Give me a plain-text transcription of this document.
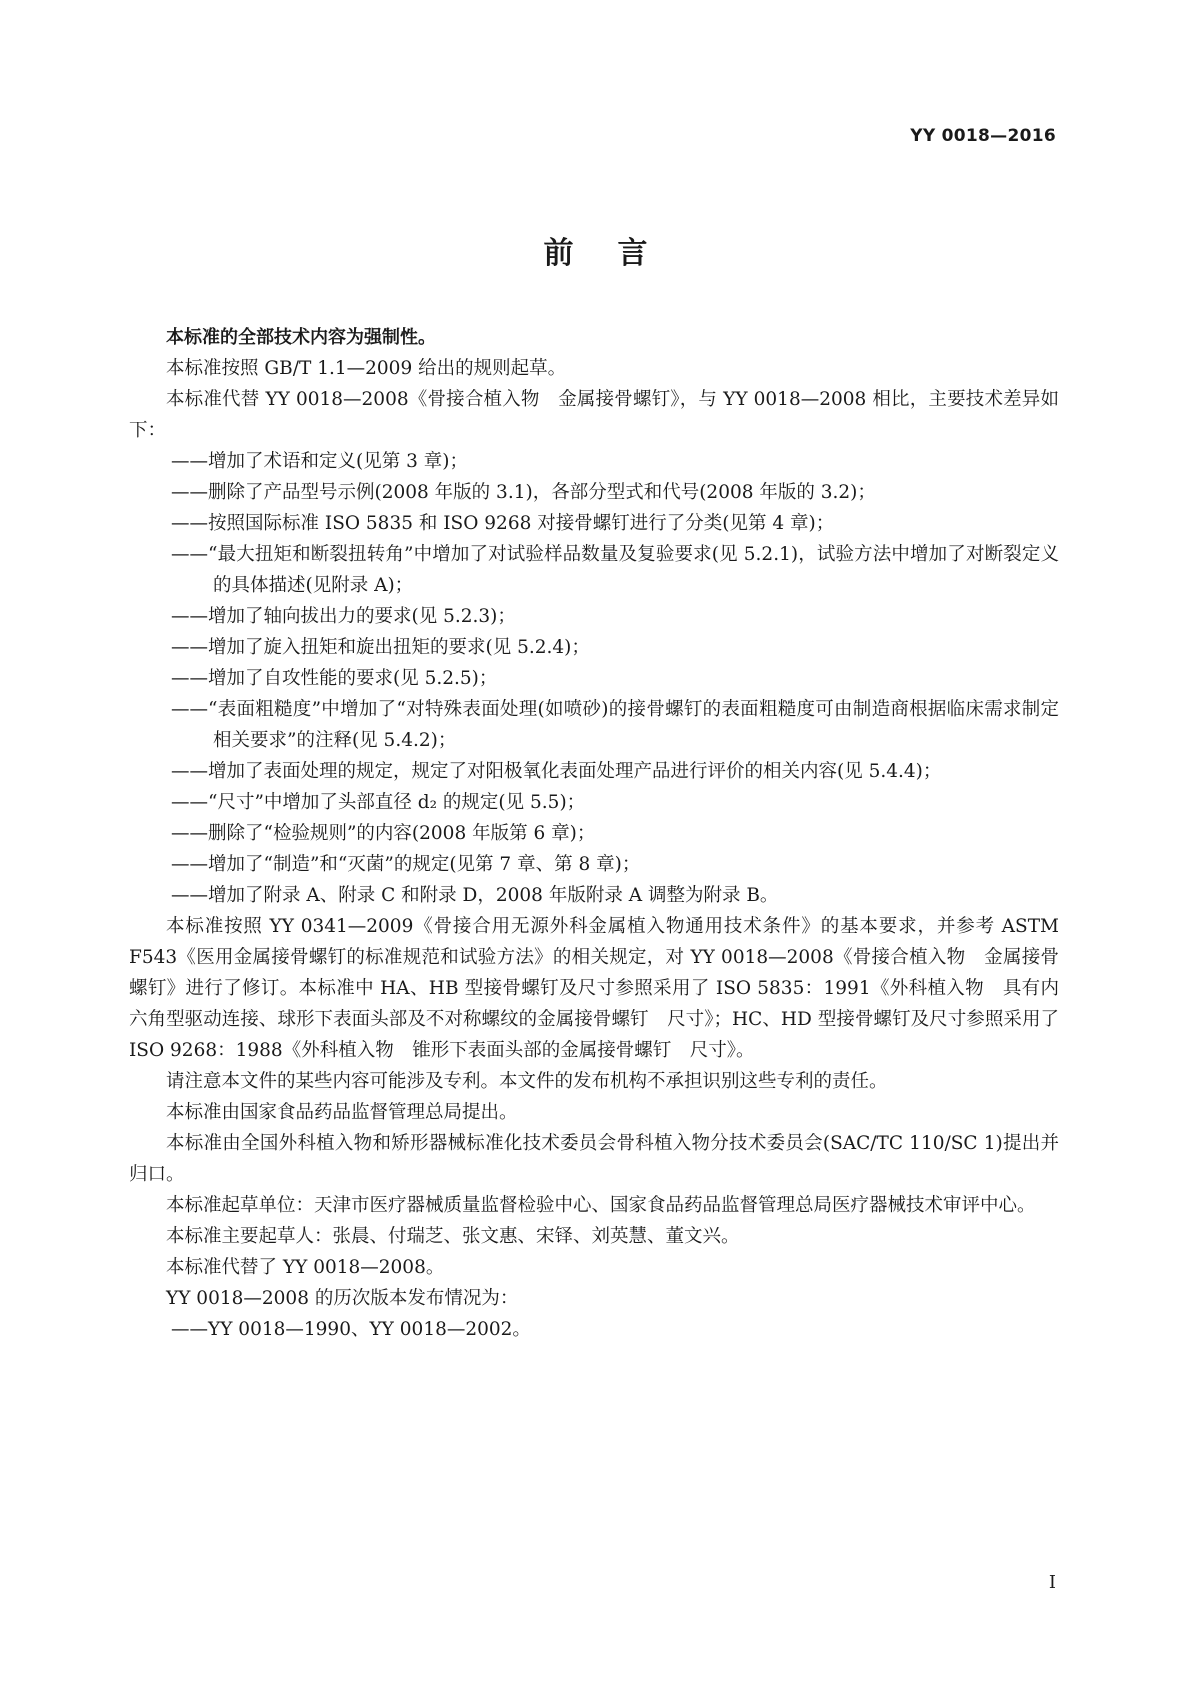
YY 0018—2016
前言

本标准的全部技术内容为强制性。

本标准按照 GB/T 1.1—2009 给出的规则起草。

本标准代替 YY 0018—2008《骨接合植入物　金属接骨螺钉》，与 YY 0018—2008 相比，主要技术差异如下：

——增加了术语和定义(见第 3 章)；

——删除了产品型号示例(2008 年版的 3.1)，各部分型式和代号(2008 年版的 3.2)；

——按照国际标准 ISO 5835 和 ISO 9268 对接骨螺钉进行了分类(见第 4 章)；

——“最大扭矩和断裂扭转角”中增加了对试验样品数量及复验要求(见 5.2.1)，试验方法中增加了对断裂定义的具体描述(见附录 A)；

——增加了轴向拔出力的要求(见 5.2.3)；

——增加了旋入扭矩和旋出扭矩的要求(见 5.2.4)；

——增加了自攻性能的要求(见 5.2.5)；

——“表面粗糙度”中增加了“对特殊表面处理(如喷砂)的接骨螺钉的表面粗糙度可由制造商根据临床需求制定相关要求”的注释(见 5.4.2)；

——增加了表面处理的规定，规定了对阳极氧化表面处理产品进行评价的相关内容(见 5.4.4)；

——“尺寸”中增加了头部直径 d₂ 的规定(见 5.5)；

——删除了“检验规则”的内容(2008 年版第 6 章)；

——增加了“制造”和“灭菌”的规定(见第 7 章、第 8 章)；

——增加了附录 A、附录 C 和附录 D，2008 年版附录 A 调整为附录 B。

本标准按照 YY 0341—2009《骨接合用无源外科金属植入物通用技术条件》的基本要求，并参考 ASTM F543《医用金属接骨螺钉的标准规范和试验方法》的相关规定，对 YY 0018—2008《骨接合植入物　金属接骨螺钉》进行了修订。本标准中 HA、HB 型接骨螺钉及尺寸参照采用了 ISO 5835：1991《外科植入物　具有内六角型驱动连接、球形下表面头部及不对称螺纹的金属接骨螺钉　尺寸》；HC、HD 型接骨螺钉及尺寸参照采用了 ISO 9268：1988《外科植入物　锥形下表面头部的金属接骨螺钉　尺寸》。

请注意本文件的某些内容可能涉及专利。本文件的发布机构不承担识别这些专利的责任。

本标准由国家食品药品监督管理总局提出。

本标准由全国外科植入物和矫形器械标准化技术委员会骨科植入物分技术委员会(SAC/TC 110/SC 1)提出并归口。

本标准起草单位：天津市医疗器械质量监督检验中心、国家食品药品监督管理总局医疗器械技术审评中心。

本标准主要起草人：张晨、付瑞芝、张文惠、宋铎、刘英慧、董文兴。

本标准代替了 YY 0018—2008。

YY 0018—2008 的历次版本发布情况为：

——YY 0018—1990、YY 0018—2002。

I
